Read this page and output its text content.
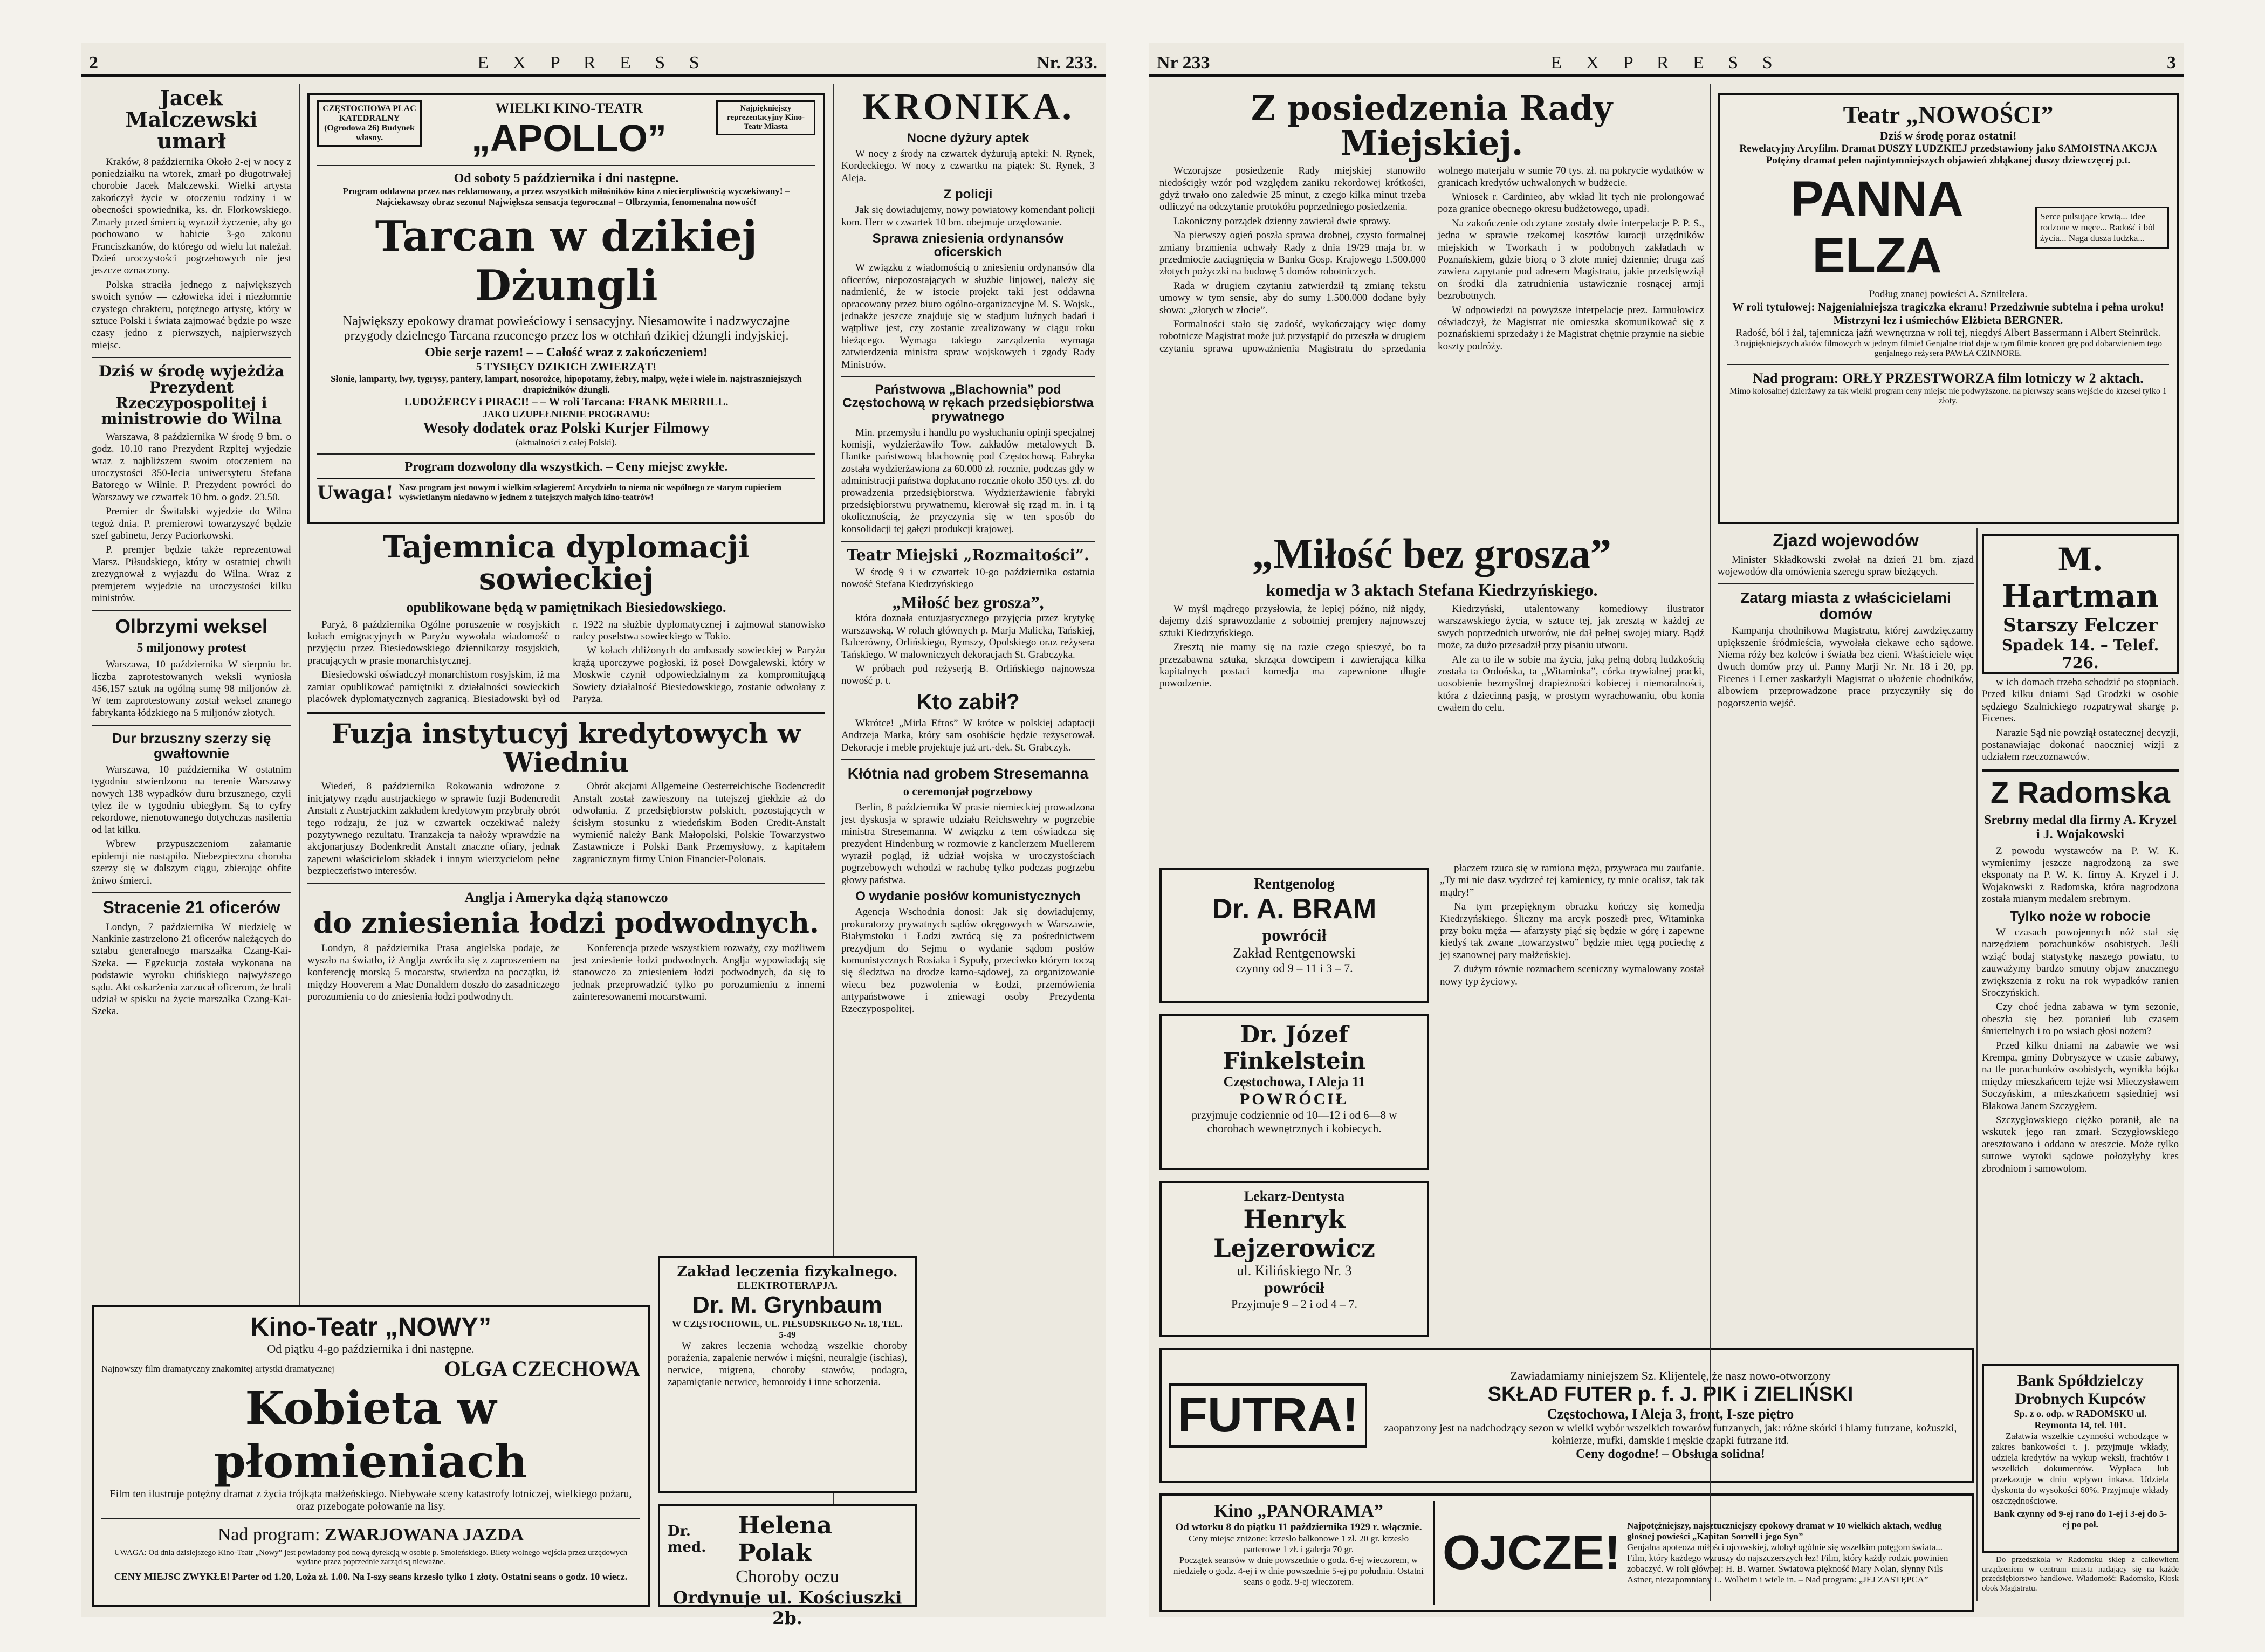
2	E X P R E S S	Nr. 233.
Jacek Malczewski umarł

Kraków, 8 października Około 2-ej w nocy z poniedziałku na wtorek, zmarł po długotrwałej chorobie Jacek Malczewski. Wielki artysta zakończył życie w otoczeniu rodziny i w obecności spowiednika, ks. dr. Florkowskiego. Zmarły przed śmiercią wyraził życzenie, aby go pochowano w habicie 3-go zakonu Franciszkanów, do którego od wielu lat należał. Dzień uroczystości pogrzebowych nie jest jeszcze oznaczony.

Polska straciła jednego z największych swoich synów — człowieka idei i niezłomnie czystego chrakteru, potężnego artystę, który w sztuce Polski i świata zajmować będzie po wsze czasy jedno z pierwszych, najpierwszych miejsc.

Dziś w środę wyjeżdża Prezydent Rzeczypospolitej i ministrowie do Wilna

Warszawa, 8 października W środę 9 bm. o godz. 10.10 rano Prezydent Rzpltej wyjedzie wraz z najbliższem swoim otoczeniem na uroczystości 350-lecia uniwersytetu Stefana Batorego w Wilnie. P. Prezydent powróci do Warszawy we czwartek 10 bm. o godz. 23.50.

Premier dr Świtalski wyjedzie do Wilna tegoż dnia. P. premierowi towarzyszyć będzie szef gabinetu, Jerzy Paciorkowski.

P. premjer będzie także reprezentował Marsz. Piłsudskiego, który w ostatniej chwili zrezygnował z wyjazdu do Wilna. Wraz z premjerem wyjedzie na uroczystości kilku ministrów.

Olbrzymi weksel
5 miljonowy protest

Warszawa, 10 października W sierpniu br. liczba zaprotestowanych weksli wyniosła 456,157 sztuk na ogólną sumę 98 miljonów zł. W tem zaprotestowany został weksel znanego fabrykanta łódzkiego na 5 miljonów złotych.

Dur brzuszny szerzy się gwałtownie

Warszawa, 10 października W ostatnim tygodniu stwierdzono na terenie Warszawy nowych 138 wypadków duru brzusznego, czyli tylez ile w tygodniu ubiegłym. Są to cyfry rekordowe, nienotowanego dotychczas nasilenia od lat kilku.

Wbrew przypuszczeniom załamanie epidemji nie nastąpiło. Niebezpieczna choroba szerzy się w dalszym ciągu, zbierając obfite żniwo śmierci.

Stracenie 21 oficerów

Londyn, 7 października W niedzielę w Nankinie zastrzelono 21 oficerów należących do sztabu generalnego marszałka Czang-Kai-Szeka. — Egzekucja została wykonana na podstawie wyroku chińskiego najwyższego sądu. Akt oskarżenia zarzucał oficerom, że brali udział w spisku na życie marszałka Czang-Kai-Szeka.

CZĘSTOCHOWA PLAC KATEDRALNY (Ogrodowa 26) Budynek własny.
WIELKI KINO-TEATR
„APOLLO”
Najpiękniejszy reprezentacyjny Kino-Teatr Miasta
Od soboty 5 października i dni następne.
Program oddawna przez nas reklamowany, a przez wszystkich miłośników kina z niecierpliwością wyczekiwany! – Najciekawszy obraz sezonu! Największa sensacja tegoroczna! – Olbrzymia, fenomenalna nowość!
Tarcan w dzikiej Dżungli
Największy epokowy dramat powieściowy i sensacyjny. Niesamowite i nadzwyczajne przygody dzielnego Tarcana rzuconego przez los w otchłań dzikiej dżungli indyjskiej.
Obie serje razem! – – Całość wraz z zakończeniem!
5 TYSIĘCY DZIKICH ZWIERZĄT!
Słonie, lamparty, lwy, tygrysy, pantery, lampart, nosorożce, hipopotamy, żebry, małpy, węże i wiele in. najstraszniejszych drapieżników dżungli.
LUDOŻERCY i PIRACI! – – W roli Tarcana: FRANK MERRILL.
JAKO UZUPEŁNIENIE PROGRAMU:
Wesoły dodatek oraz Polski Kurjer Filmowy
(aktualności z całej Polski).
Program dozwolony dla wszystkich. – Ceny miejsc zwykłe.
Uwaga! Nasz program jest nowym i wielkim szlagierem! Arcydzieło to niema nic wspólnego ze starym rupieciem wyświetlanym niedawno w jednem z tutejszych małych kino-teatrów!
Tajemnica dyplomacji sowieckiej
opublikowane będą w pamiętnikach Biesiedowskiego.

Paryż, 8 października Ogólne poruszenie w rosyjskich kołach emigracyjnych w Paryżu wywołała wiadomość o przyjęciu przez Biesiedowskiego dziennikarzy rosyjskich, pracujących w prasie monarchistycznej.

Biesiedowski oświadczył monarchistom rosyjskim, iż ma zamiar opublikować pamiętniki z działalności sowieckich placówek dyplomatycznych zagranicą. Biesiadowski był od r. 1922 na służbie dyplomatycznej i zajmował stanowisko radcy poselstwa sowieckiego w Tokio.

W kołach zbliżonych do ambasady sowieckiej w Paryżu krążą uporczywe pogłoski, iż poseł Dowgalewski, który w Moskwie czynił odpowiedzialnym za kompromitującą Sowiety działalność Biesiedowskiego, zostanie odwołany z Paryża.

Fuzja instytucyj kredytowych w Wiedniu

Wiedeń, 8 października Rokowania wdrożone z inicjatywy rządu austrjackiego w sprawie fuzji Bodencredit Anstalt z Austrjackim zakładem kredytowym przybrały obrót tego rodzaju, że już w czwartek oczekiwać należy pozytywnego rezultatu. Tranzakcja ta nałoży wprawdzie na akcjonarjuszy Bodenkredit Anstalt znaczne ofiary, jednak zapewni właścicielom składek i innym wierzycielom pełne bezpieczeństwo interesów.

Obrót akcjami Allgemeine Oesterreichische Bodencredit Anstalt został zawieszony na tutejszej giełdzie aż do odwołania. Z przedsiębiorstw polskich, pozostających w ścisłym stosunku z wiedeńskim Boden Credit-Anstalt wymienić należy Bank Małopolski, Polskie Towarzystwo Zastawnicze i Polski Bank Przemysłowy, z kapitałem zagranicznym firmy Union Financier-Polonais.

Anglja i Ameryka dążą stanowczo
do zniesienia łodzi podwodnych.

Londyn, 8 października Prasa angielska podaje, że wyszło na światło, iż Anglja zwróciła się z zaproszeniem na konferencję morską 5 mocarstw, stwierdza na początku, iż między Hooverem a Mac Donaldem doszło do zasadniczego porozumienia co do zniesienia łodzi podwodnych.

Konferencja przede wszystkiem rozważy, czy możliwem jest zniesienie łodzi podwodnych. Anglja wypowiadają się stanowczo za zniesieniem łodzi podwodnych, da się to jednak przeprowadzić tylko po porozumieniu z innemi zainteresowanemi mocarstwami.

Kino-Teatr „NOWY”
Od piątku 4-go października i dni następne.
Najnowszy film dramatyczny znakomitej artystki dramatycznej	OLGA CZECHOWA
Kobieta w płomieniach
Film ten ilustruje potężny dramat z życia trójkąta małżeńskiego. Niebywałe sceny katastrofy lotniczej, wielkiego pożaru, oraz przebogate połowanie na lisy.
Nad program: ZWARJOWANA JAZDA
UWAGA: Od dnia dzisiejszego Kino-Teatr „Nowy” jest powiadomy pod nową dyrekcją w osobie p. Smoleńskiego. Bilety wolnego wejścia przez urzędowych wydane przez poprzednie zarząd są nieważne.
CENY MIEJSC ZWYKŁE! Parter od 1.20, Loża zł. 1.00. Na I-szy seans krzesło tylko 1 złoty. Ostatni seans o godz. 10 wiecz.
KRONIKA.
Nocne dyżury aptek

W nocy z środy na czwartek dyżurują apteki: N. Rynek, Kordeckiego. W nocy z czwartku na piątek: St. Rynek, 3 Aleja.

Z policji

Jak się dowiadujemy, nowy powiatowy komendant policji kom. Herr w czwartek 10 bm. obejmuje urzędowanie.

Sprawa zniesienia ordynansów oficerskich

W związku z wiadomością o zniesieniu ordynansów dla oficerów, niepozostających w służbie linjowej, należy się nadmienić, że w istocie projekt taki jest oddawna opracowany przez biuro ogólno-organizacyjne M. S. Wojsk., jednakże jeszcze znajduje się w stadjum luźnych badań i wątpliwe jest, czy zostanie zrealizowany w ciągu roku bieżącego. Wymaga takiego zarządzenia wymaga zatwierdzenia ministra spraw wojskowych i zgody Rady Ministrów.

Państwowa „Blachownia” pod Częstochową w rękach przedsiębiorstwa prywatnego

Min. przemysłu i handlu po wysłuchaniu opinji specjalnej komisji, wydzierżawiło Tow. zakładów metalowych B. Hantke państwową blachownię pod Częstochową. Fabryka została wydzierżawiona za 60.000 zł. rocznie, podczas gdy w administracji państwa dopłacano rocznie około 350 tys. zł. do prowadzenia przedsiębiorstwa. Wydzierżawienie fabryki przedsiębiorstwu prywatnemu, kierował się rząd m. in. i tą okolicznością, że przyczynia się w ten sposób do konsolidacji tej gałęzi produkcji krajowej.

Teatr Miejski „Rozmaitości”.

W środę 9 i w czwartek 10-go października ostatnia nowość Stefana Kiedrzyńskiego

„Miłość bez grosza”,

która doznała entuzjastycznego przyjęcia przez krytykę warszawską. W rolach głównych p. Marja Malicka, Tańskiej, Balcerówny, Orlińskiego, Rymszy, Opolskiego oraz reżysera Tańskiego. W malowniczych dekoracjach St. Grabczyka.

W próbach pod reżyserją B. Orlińskiego najnowsza nowość p. t.

Kto zabił?

Wkrótce! „Mirla Efros” W krótce w polskiej adaptacji Andrzeja Marka, który sam osobiście będzie reżyserował. Dekoracje i meble projektuje już art.-dek. St. Grabczyk.

Kłótnia nad grobem Stresemanna
o ceremonjał pogrzebowy

Berlin, 8 października W prasie niemieckiej prowadzona jest dyskusja w sprawie udziału Reichswehry w pogrzebie ministra Stresemanna. W związku z tem oświadcza się prezydent Hindenburg w rozmowie z kanclerzem Muellerem wyraził pogląd, iż udział wojska w uroczystościach pogrzebowych wchodzi w rachubę tylko podczas pogrzebu głowy państwa.

O wydanie posłów komunistycznych

Agencja Wschodnia donosi: Jak się dowiadujemy, prokuratorzy prywatnych sądów okręgowych w Warszawie, Białymstoku i Łodzi zwrócą się za pośrednictwem prezydjum do Sejmu o wydanie sądom posłów komunistycznych Rosiaka i Sypuły, przeciwko którym toczą się śledztwa na drodze karno-sądowej, za organizowanie wiecu bez pozwolenia w Łodzi, przemówienia antypaństwowe i zniewagi osoby Prezydenta Rzeczypospolitej.

Zakład leczenia fizykalnego.
ELEKTROTERAPJA.
Dr. M. Grynbaum
W CZĘSTOCHOWIE, UL. PIŁSUDSKIEGO Nr. 18, TEL. 5-49

W zakres leczenia wchodzą wszelkie choroby porażenia, zapalenie nerwów i mięśni, neuralgje (ischias), nerwice, migrena, choroby stawów, podagra, zapamiętanie nerwice, hemoroidy i inne schorzenia.

Dr. med.
Helena Polak
Choroby oczu
Ordynuje ul. Kościuszki 2b.
Nr 233	E X P R E S S	3
Z posiedzenia Rady Miejskiej.

Wczorajsze posiedzenie Rady miejskiej stanowiło niedościgły wzór pod względem zaniku rekordowej krótkości, gdyż trwało ono zaledwie 25 minut, z czego kilka minut trzeba odliczyć na odczytanie protokółu poprzedniego posiedzenia.

Lakoniczny porządek dzienny zawierał dwie sprawy.

Na pierwszy ogień poszła sprawa drobnej, czysto formalnej zmiany brzmienia uchwały Rady z dnia 19/29 maja br. w przedmiocie zaciągnięcia w Banku Gosp. Krajowego 1.500.000 złotych pożyczki na budowę 5 domów robotniczych.

Rada w drugiem czytaniu zatwierdził tą zmianę tekstu umowy w tym sensie, aby do sumy 1.500.000 dodane były słowa: „złotych w złocie”.

Formalności stało się zadość, wykańczający więc domy robotnicze Magistrat może już przystąpić do przeszła w drugiem czytaniu sprawa upoważnienia Magistratu do sprzedania wolnego materjału w sumie 70 tys. zł. na pokrycie wydatków w granicach kredytów uchwalonych w budżecie.

Wniosek r. Cardinieo, aby wkład lit tych nie prolongować poza granice obecnego okresu budżetowego, upadł.

Na zakończenie odczytane zostały dwie interpelacje P. P. S., jedna w sprawie rzekomej kosztów kuracji urzędników miejskich w Tworkach i w podobnych zakładach w Poznańskiem, gdzie biorą o 3 złote mniej dziennie; druga zaś zawiera zapytanie pod adresem Magistratu, jakie przedsięwziął on środki dla zatrudnienia ustawicznie rosnącej armji bezrobotnych.

W odpowiedzi na powyższe interpelacje prez. Jarmułowicz oświadczył, że Magistrat nie omieszka skomunikować się z poznańskiemi sprzedaży i że Magistrat chętnie przymie na siebie koszty podróży.

„Miłość bez grosza”
komedja w 3 aktach Stefana Kiedrzyńskiego.

W myśl mądrego przysłowia, że lepiej późno, niż nigdy, dajemy dziś sprawozdanie z sobotniej premjery najnowszej sztuki Kiedrzyńskiego.

Zresztą nie mamy się na razie czego spieszyć, bo ta przezabawna sztuka, skrząca dowcipem i zawierająca kilka kapitalnych postaci komedja ma zapewnione długie powodzenie.

Kiedrzyński, utalentowany komediowy ilustrator warszawskiego życia, w sztuce tej, jak zresztą w każdej ze swych poprzednich utworów, nie dał pełnej swojej miary. Bądź może, za dużo przesadził przy pisaniu utworu.

Ale za to ile w sobie ma życia, jaką pełną dobrą ludzkością została ta Ordońska, ta „Witaminka”, córka trywialnej pracki, uosobienie bezmyślnej drapieżności kobiecej i niemoralności, która z dziecinną pasją, w prostym wyrachowaniu, obu konia cwałem do celu.

Rentgenolog
Dr. A. BRAM
powrócił
Zakład Rentgenowski
czynny od 9 – 11 i 3 – 7.
Dr. Józef Finkelstein
Częstochowa, I Aleja 11
POWRÓCIŁ
przyjmuje codziennie od 10—12 i od 6—8 w chorobach wewnętrznych i kobiecych.
Lekarz-Dentysta
Henryk Lejzerowicz
ul. Kilińskiego Nr. 3
powrócił
Przyjmuje 9 – 2 i od 4 – 7.

płaczem rzuca się w ramiona męża, przywraca mu zaufanie. „Ty mi nie dasz wydrzeć tej kamienicy, ty mnie ocalisz, tak tak mądry!”

Na tym przepięknym obrazku kończy się komedja Kiedrzyńskiego. Śliczny ma arcyk poszedł prec, Witaminka przy boku męża — afarzysty piąć się będzie w górę i zapewne kiedyś tak zwane „towarzystwo” będzie miec tęgą pociechę z jej szanownej pary małżeńskiej.

Z dużym równie rozmachem sceniczny wymalowany został nowy typ życiowy.

FUTRA!
Zawiadamiamy niniejszem Sz. Klijentelę, że nasz nowo-otworzony
SKŁAD FUTER p. f. J. PIK i ZIELIŃSKI
Częstochowa, I Aleja 3, front, I-sze piętro
zaopatrzony jest na nadchodzący sezon w wielki wybór wszelkich towarów futrzanych, jak: różne skórki i blamy futrzane, kożuszki, kołnierze, mufki, damskie i męskie czapki futrzane itd.
Ceny dogodne! – Obsługa solidna!
Kino „PANORAMA”
Od wtorku 8 do piątku 11 października 1929 r. włącznie.
Ceny miejsc zniżone: krzesło balkonowe 1 zł. 20 gr. krzesło parterowe 1 zł. i galerja 70 gr.
Początek seansów w dnie powszednie o godz. 6-ej wieczorem, w niedzielę o godz. 4-ej i w dnie powszednie 5-ej po południu. Ostatni seans o godz. 9-ej wieczorem.
OJCZE! Najpotężniejszy, najsztuczniejszy epokowy dramat w 10 wielkich aktach, według głośnej powieści „Kapitan Sorrell i jego Syn”
Genjalna apoteoza miłości ojcowskiej, zdobył ogólnie się wszelkim potęgom świata... Film, który każdego wzruszy do najszczerszych łez! Film, który każdy rodzic powinien zobaczyć. W roli głównej: H. B. Warner. Światowa piękność Mary Nolan, słynny Nils Astner, niezapomniany L. Wolheim i wiele in. – Nad program: „JEJ ZASTĘPCA”
Zjazd wojewodów

Minister Składkowski zwołał na dzień 21 bm. zjazd wojewodów dla omówienia szeregu spraw bieżących.

Zatarg miasta z właścicielami domów

Kampanja chodnikowa Magistratu, której zawdzięczamy upiększenie śródmieścia, wywołała ciekawe echo sądowe. Niema róży bez kolców i światła bez cieni. Właściciele więc dwuch domów przy ul. Panny Marji Nr. Nr. 18 i 20, pp. Ficenes i Lerner zaskarżyli Magistrat o ułożenie chodników, albowiem przeprowadzone prace przyczyniły się do pogorszenia wejść.

Teatr „NOWOŚCI”
Dziś w środę poraz ostatni!
Rewelacyjny Arcyfilm. Dramat DUSZY LUDZKIEJ przedstawiony jako SAMOISTNA AKCJA
Potężny dramat pełen najintymniejszych objawień zbłąkanej duszy dziewczęcej p.t.
PANNA ELZA
Serce pulsujące krwią... Idee rodzone w męce... Radość i ból życia... Naga dusza ludzka...
Podług znanej powieści A. Szniltelera.
W roli tytułowej: Najgenialniejsza tragiczka ekranu! Przedziwnie subtelna i pełna uroku! Mistrzyni łez i uśmiechów Elżbieta BERGNER.
Radość, ból i żal, tajemnicza jaźń wewnętrzna w roli tej, niegdyś Albert Bassermann i Albert Steinrück.
3 najpiękniejszych aktów filmowych w jednym filmie! Genjalne trio! daje w tym filmie koncert grę pod dobarwieniem tego genjalnego reżysera PAWŁA CZINNORE.
Nad program: ORŁY PRZESTWORZA film lotniczy w 2 aktach.
Mimo kolosalnej dzierżawy za tak wielki program ceny miejsc nie podwyższone. na pierwszy seans wejście do krzeseł tylko 1 złoty.
M. Hartman
Starszy Felczer
Spadek 14. – Telef. 726.

w ich domach trzeba schodzić po stopniach. Przed kilku dniami Sąd Grodzki w osobie sędziego Szalnickiego rozpatrywał skargę p. Ficenes.

Narazie Sąd nie powziął ostatecznej decyzji, postanawiając dokonać naoczniej wizji z udziałem rzeczoznawców.

Z Radomska
Srebrny medal dla firmy A. Kryzel i J. Wojakowski

Z powodu wystawców na P. W. K. wymienimy jeszcze nagrodzoną za swe eksponaty na P. W. K. firmy A. Kryzel i J. Wojakowski z Radomska, która nagrodzona została mianym medalem srebrnym.

Tylko noże w robocie

W czasach powojennych nóż stał się narzędziem porachunków osobistych. Jeśli wziąć bodaj statystykę naszego powiatu, to zauważymy bardzo smutny objaw znacznego zwiększenia z roku na rok wypadków ranien Sroczyńskich.

Czy choć jedna zabawa w tym sezonie, obeszła się bez poranień lub czasem śmiertelnych i to po wsiach głosi nożem?

Przed kilku dniami na zabawie we wsi Krempa, gminy Dobryszyce w czasie zabawy, na tle porachunków osobistych, wynikła bójka między mieszkańcem tejże wsi Mieczysławem Soczyńskim, a mieszkańcem sąsiedniej wsi Blakowa Janem Szczygłem.

Szczygłowskiego ciężko poranił, ale na wskutek jego ran zmarł. Sczygłowskiego aresztowano i oddano w areszcie. Może tylko surowe wyroki sądowe położyłyby kres zbrodniom i samowolom.

Bank Spółdzielczy Drobnych Kupców
Sp. z o. odp. w RADOMSKU ul. Reymonta 14, tel. 101.

Załatwia wszelkie czynności wchodzące w zakres bankowości t. j. przyjmuje wkłady, udziela kredytów na wykup weksli, frachtów i wszelkich dokumentów. Wypłaca lub przekazuje w dniu wpływu inkasa. Udziela dyskonta do wysokości 60%. Przyjmuje wkłady oszczędnościowe.

Bank czynny od 9-ej rano do 1-ej i 3-ej do 5-ej po poł.

Do przedszkola w Radomsku sklep z całkowitem urządzeniem w centrum miasta nadający się na każde przedsiębiorstwo handlowe. Wiadomość: Radomsko, Kiosk obok Magistratu.
